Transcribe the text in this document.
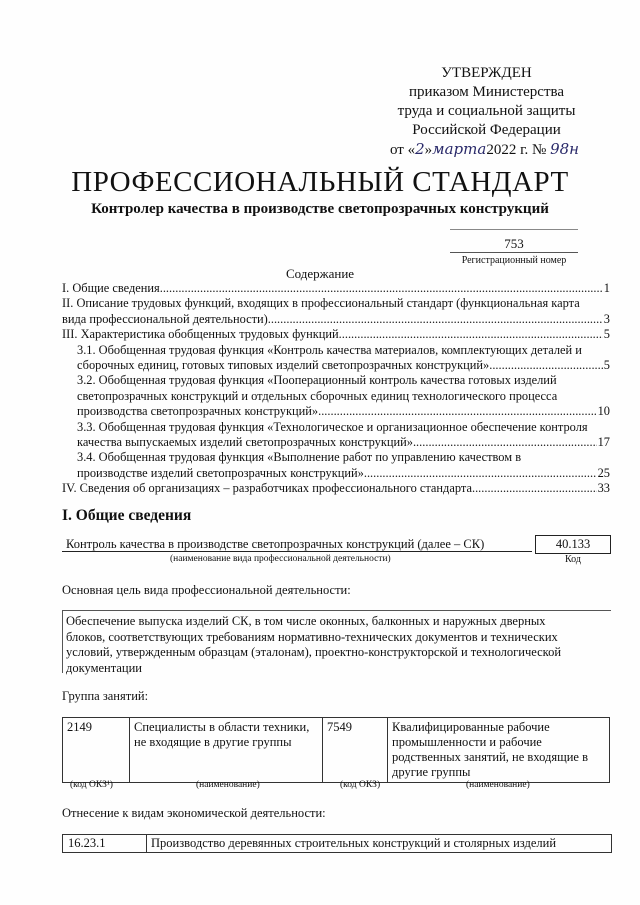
УТВЕРЖДЕН
приказом Министерства
труда и социальной защиты
Российской Федерации
от «2»марта2022 г. № 98н
ПРОФЕССИОНАЛЬНЫЙ СТАНДАРТ
Контролер качества в производстве светопрозрачных конструкций
753
Регистрационный номер
Содержание
I. Общие сведения .....	1
II. Описание трудовых функций, входящих в профессиональный стандарт (функциональная карта
вида профессиональной деятельности) .....	3
III. Характеристика обобщенных трудовых функций .....	5
3.1. Обобщенная трудовая функция «Контроль качества материалов, комплектующих деталей и
сборочных единиц, готовых типовых изделий светопрозрачных конструкций» .....	5
3.2. Обобщенная трудовая функция «Пооперационный контроль качества готовых изделий
светопрозрачных конструкций и отдельных сборочных единиц технологического процесса
производства светопрозрачных конструкций» .....	10
3.3. Обобщенная трудовая функция «Технологическое и организационное обеспечение контроля
качества выпускаемых изделий светопрозрачных конструкций» .....	17
3.4. Обобщенная трудовая функция «Выполнение работ по управлению качеством в
производстве изделий светопрозрачных конструкций» .....	25
IV. Сведения об организациях – разработчиках профессионального стандарта .....	33
I. Общие сведения
Контроль качества в производстве светопрозрачных конструкций (далее – СК)
(наименование вида профессиональной деятельности)
40.133
Код
Основная цель вида профессиональной деятельности:
Обеспечение выпуска изделий СК, в том числе оконных, балконных и наружных дверных блоков, соответствующих требованиям нормативно-технических документов и технических условий, утвержденным образцам (эталонам), проектно-конструкторской и технологической документации
Группа занятий:
2149	Специалисты в области техники, не входящие в другие группы	7549	Квалифицированные рабочие промышленности и рабочие родственных занятий, не входящие в другие группы
(код ОКЗ¹)	(наименование)	(код ОКЗ)	(наименование)
Отнесение к видам экономической деятельности:
16.23.1	Производство деревянных строительных конструкций и столярных изделий
